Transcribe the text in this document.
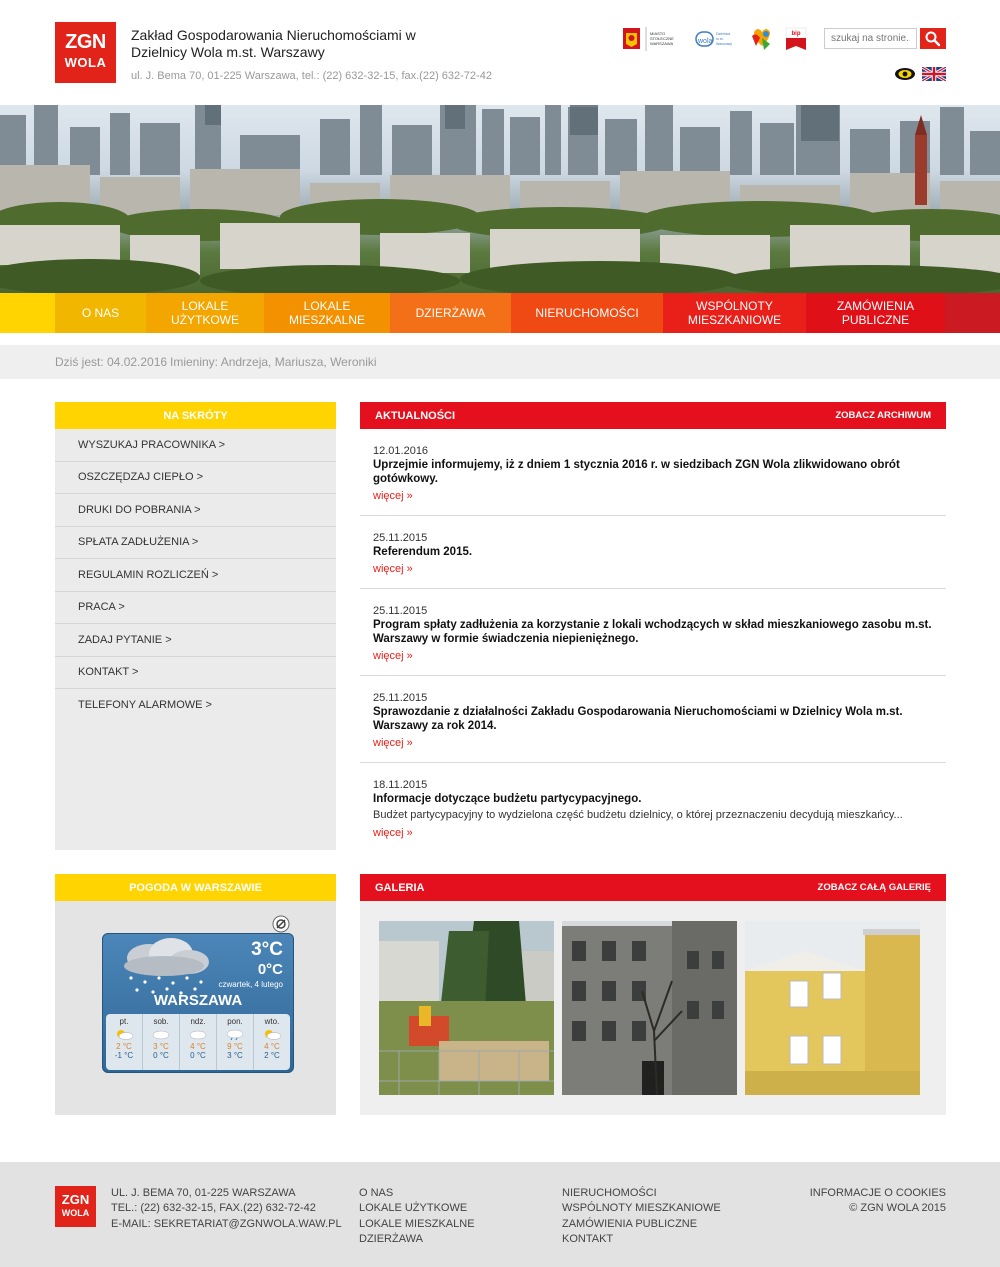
ZGN
WOLA
Zakład Gospodarowania Nieruchomościami w Dzielnicy Wola m.st. Warszawy
ul. J. Bema 70, 01-225 Warszawa, tel.: (22) 632-32-15, fax.(22) 632-72-42
MIASTO
STOŁECZNE
WARSZAWA	wola
Dzielnica
m.st.
Warszawy
bip
szukaj na stronie...
O NAS	LOKALE UŻYTKOWE
LOKALE MIESZKALNE	DZIERŻAWA	NIERUCHOMOŚCI	WSPÓLNOTY MIESZKANIOWE
ZAMÓWIENIA PUBLICZNE
Dziś jest: 04.02.2016 Imieniny: Andrzeja, Mariusza, Weroniki
NA SKRÓTY
WYSZUKAJ PRACOWNIKA >
OSZCZĘDZAJ CIEPŁO >
DRUKI DO POBRANIA >
SPŁATA ZADŁUŻENIA >
REGULAMIN ROZLICZEŃ >
PRACA >
ZADAJ PYTANIE >
KONTAKT >
TELEFONY ALARMOWE >
AKTUALNOŚCI	ZOBACZ ARCHIWUM
12.01.2016
Uprzejmie informujemy, iż z dniem 1 stycznia 2016 r. w siedzibach ZGN Wola zlikwidowano obrót gotówkowy.
więcej »
25.11.2015
Referendum 2015.
więcej »
25.11.2015
Program spłaty zadłużenia za korzystanie z lokali wchodzących w skład mieszkaniowego zasobu m.st. Warszawy w formie świadczenia niepieniężnego.
więcej »
25.11.2015
Sprawozdanie z działalności Zakładu Gospodarowania Nieruchomościami w Dzielnicy Wola m.st. Warszawy za rok 2014.
więcej »
18.11.2015
Informacje dotyczące budżetu partycypacyjnego.
Budżet partycypacyjny to wydzielona część budżetu dzielnicy, o której przeznaczeniu decydują mieszkańcy...
więcej »
POGODA W WARSZAWIE
3°C
0°C
czwartek, 4 lutego
WARSZAWA
pt.
2 °C
-1 °C
sob.
3 °C
0 °C
ndz.
4 °C
0 °C
pon.
9 °C
3 °C
wto.
4 °C
2 °C
GALERIA	ZOBACZ CAŁĄ GALERIĘ
ZGN
WOLA
UL. J. BEMA 70, 01-225 WARSZAWA
TEL.: (22) 632-32-15, FAX.(22) 632-72-42
E-MAIL: SEKRETARIAT@ZGNWOLA.WAW.PL
O NAS
LOKALE UŻYTKOWE
LOKALE MIESZKALNE
DZIERŻAWA
NIERUCHOMOŚCI
WSPÓLNOTY MIESZKANIOWE
ZAMÓWIENIA PUBLICZNE
KONTAKT
INFORMACJE O COOKIES
© ZGN WOLA 2015
